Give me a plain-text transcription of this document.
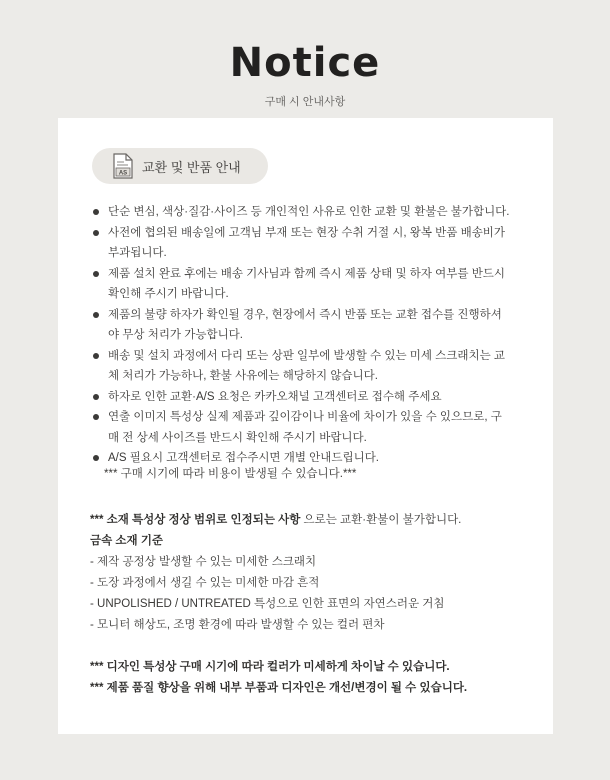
Notice
구매 시 안내사항
AS 교환 및 반품 안내
단순 변심, 색상·질감·사이즈 등 개인적인 사유로 인한 교환 및 환불은 불가합니다.
사전에 협의된 배송일에 고객님 부재 또는 현장 수취 거절 시, 왕복 반품 배송비가
부과됩니다.
제품 설치 완료 후에는 배송 기사님과 함께 즉시 제품 상태 및 하자 여부를 반드시
확인해 주시기 바랍니다.
제품의 불량 하자가 확인될 경우, 현장에서 즉시 반품 또는 교환 접수를 진행하셔
야 무상 처리가 가능합니다.
배송 및 설치 과정에서 다리 또는 상판 일부에 발생할 수 있는 미세 스크래치는 교
체 처리가 가능하나, 환불 사유에는 해당하지 않습니다.
하자로 인한 교환·A/S 요청은 카카오채널 고객센터로 접수해 주세요
연출 이미지 특성상 실제 제품과 깊이감이나 비율에 차이가 있을 수 있으므로, 구
매 전 상세 사이즈를 반드시 확인해 주시기 바랍니다.
A/S 필요시 고객센터로 접수주시면 개별 안내드립니다.
*** 구매 시기에 따라 비용이 발생될 수 있습니다.***
*** 소재 특성상 정상 범위로 인정되는 사항 으로는 교환·환불이 불가합니다.
금속 소재 기준
- 제작 공정상 발생할 수 있는 미세한 스크래치
- 도장 과정에서 생길 수 있는 미세한 마감 흔적
- UNPOLISHED / UNTREATED 특성으로 인한 표면의 자연스러운 거침
- 모니터 해상도, 조명 환경에 따라 발생할 수 있는 컬러 편차
*** 디자인 특성상 구매 시기에 따라 컬러가 미세하게 차이날 수 있습니다.
*** 제품 품질 향상을 위해 내부 부품과 디자인은 개선/변경이 될 수 있습니다.
